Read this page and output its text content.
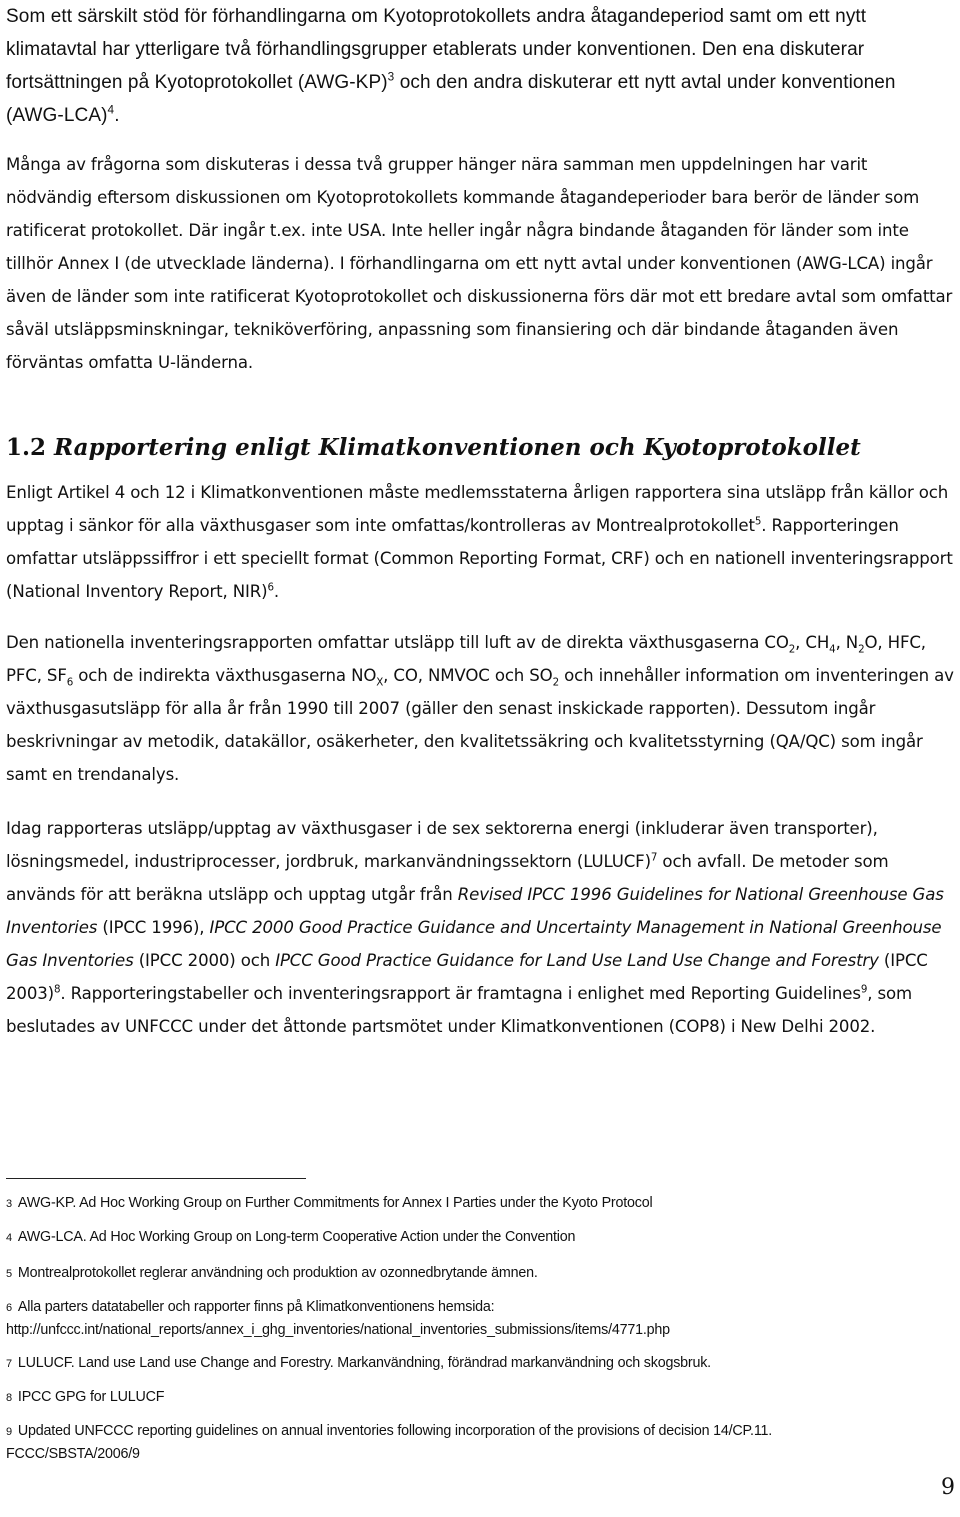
Som ett särskilt stöd för förhandlingarna om Kyotoprotokollets andra åtagandeperiod samt om ett nytt klimatavtal har ytterligare två förhandlingsgrupper etablerats under konventionen. Den ena diskuterar fortsättningen på Kyotoprotokollet $(AWG-KP)^3$ och den andra diskuterar ett nytt avtal under konventionen $(AWG-LCA)^4$.

Många av frågorna som diskuteras i dessa två grupper hänger nära samman men uppdelningen har varit nödvändig eftersom diskussionen om Kyotoprotokollets kommande åtagandeperioder bara berör de länder som ratificerat protokollet. Där ingår t.ex. inte USA. Inte heller ingår några bindande åtaganden för länder som inte tillhör Annex I (de utvecklade länderna). I förhandlingarna om ett nytt avtal under konventionen (AWG-LCA) ingår även de länder som inte ratificerat Kyotoprotokollet och diskussionerna förs där mot ett bredare avtal som omfattar såväl utsläppsminskningar, tekniköverföring, anpassning som finansiering och där bindande åtaganden även förväntas omfatta U-länderna.

1.2 Rapportering enligt Klimatkonventionen och Kyotoprotokollet

Enligt Artikel 4 och 12 i Klimatkonventionen måste medlemsstaterna årligen rapportera sina utsläpp från källor och upptag i sänkor för alla växthusgaser som inte omfattas/kontrolleras av Montrealprotokollet$^5$. Rapporteringen omfattar utsläppssiffror i ett speciellt format (Common Reporting Format, CRF) och en nationell inventeringsrapport (National Inventory Report, NIR)$^6$.

Den nationella inventeringsrapporten omfattar utsläpp till luft av de direkta växthusgaserna $CO_2$, $CH_4$, $N_2O$, HFC, PFC, $SF_6$ och de indirekta växthusgaserna $NO_X$, CO, NMVOC och $SO_2$ och innehåller information om inventeringen av växthusgasutsläpp för alla år från 1990 till 2007 (gäller den senast inskickade rapporten). Dessutom ingår beskrivningar av metodik, datakällor, osäkerheter, den kvalitetssäkring och kvalitetsstyrning (QA/QC) som ingår samt en trendanalys.

Idag rapporteras utsläpp/upptag av växthusgaser i de sex sektorerna energi (inkluderar även transporter), lösningsmedel, industriprocesser, jordbruk, markanvändningssektorn (LULUCF)$^7$ och avfall. De metoder som används för att beräkna utsläpp och upptag utgår från Revised IPCC 1996 Guidelines for National Greenhouse Gas Inventories (IPCC 1996), IPCC 2000 Good Practice Guidance and Uncertainty Management in National Greenhouse Gas Inventories (IPCC 2000) och IPCC Good Practice Guidance for Land Use Land Use Change and Forestry (IPCC 2003)$^8$. Rapporteringstabeller och inventeringsrapport är framtagna i enlighet med Reporting Guidelines$^9$, som beslutades av UNFCCC under det åttonde partsmötet under Klimatkonventionen (COP8) i New Delhi 2002.

3 AWG-KP. Ad Hoc Working Group on Further Commitments for Annex I Parties under the Kyoto Protocol

4 AWG-LCA. Ad Hoc Working Group on Long-term Cooperative Action under the Convention

5 Montrealprotokollet reglerar användning och produktion av ozonnedbrytande ämnen.

6 Alla parters datatabeller och rapporter finns på Klimatkonventionens hemsida:
http://unfccc.int/national_reports/annex_i_ghg_inventories/national_inventories_submissions/items/4771.php

7 LULUCF. Land use Land use Change and Forestry. Markanvändning, förändrad markanvändning och skogsbruk.

8 IPCC GPG for LULUCF

9 Updated UNFCCC reporting guidelines on annual inventories following incorporation of the provisions of decision 14/CP.11.
FCCC/SBSTA/2006/9

9
